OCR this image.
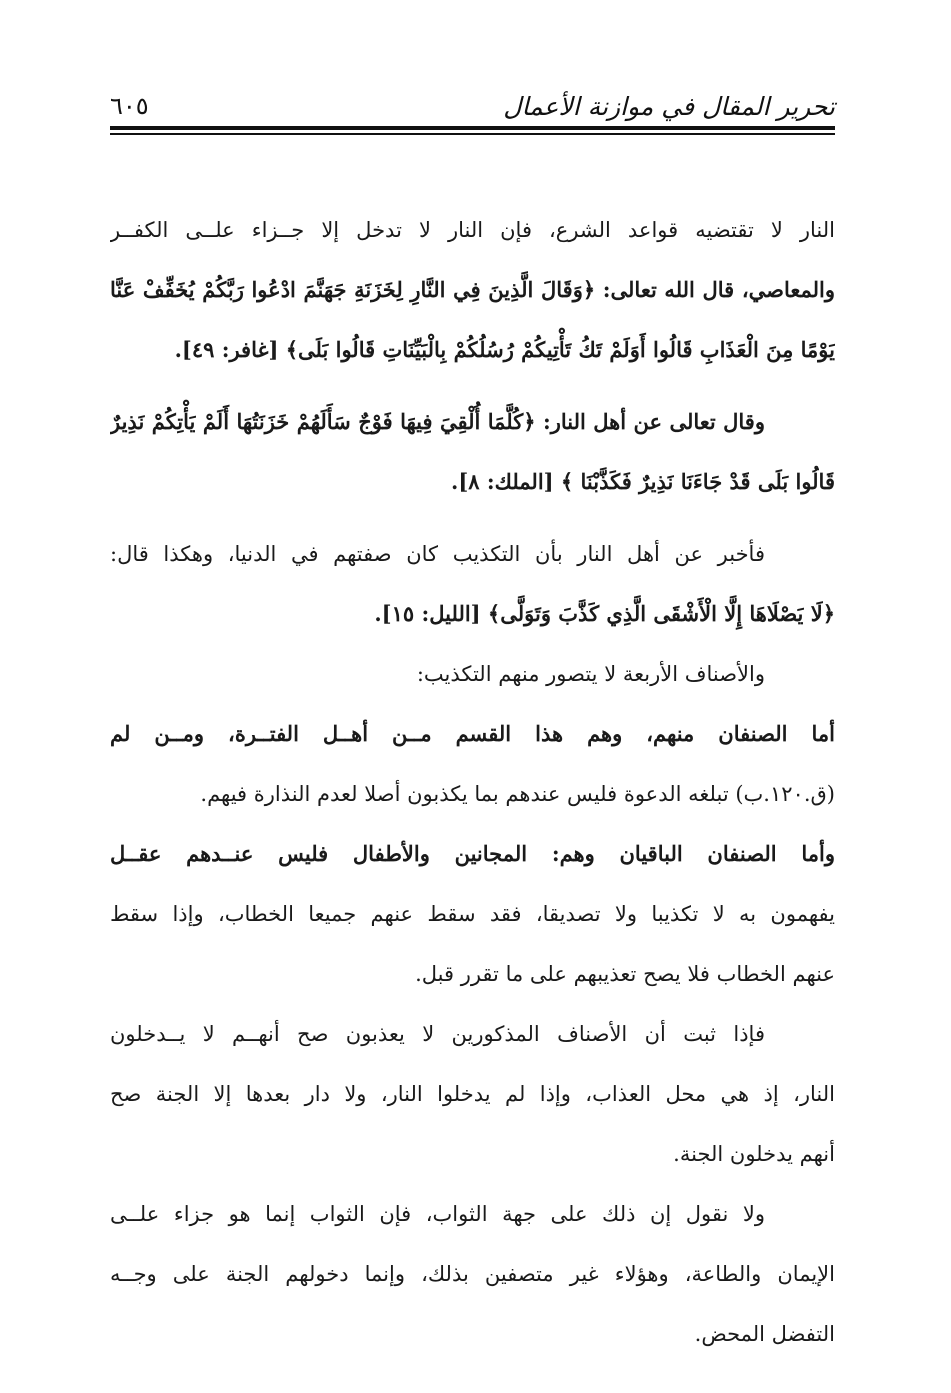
تحرير المقال في موازنة الأعمال
٦٠٥
النار لا تقتضيه قواعد الشرع، فإن النار لا تدخل إلا جــزاء علــى الكفــر
والمعاصي، قال الله تعالى: ﴿وَقَالَ الَّذِينَ فِي النَّارِ لِخَزَنَةِ جَهَنَّمَ ادْعُوا رَبَّكُمْ يُخَفِّفْ عَنَّا
يَوْمًا مِنَ الْعَذَابِ قَالُوا أَوَلَمْ تَكُ تَأْتِيكُمْ رُسُلُكُمْ بِالْبَيِّنَاتِ قَالُوا بَلَى﴾ [غافر: ٤٩].
وقال تعالى عن أهل النار: ﴿كُلَّمَا أُلْقِيَ فِيهَا فَوْجٌ سَأَلَهُمْ خَزَنَتُهَا أَلَمْ يَأْتِكُمْ نَذِيرٌ
قَالُوا بَلَى قَدْ جَاءَنَا نَذِيرٌ فَكَذَّبْنَا ﴾ [الملك: ٨].
فأخبر عن أهل النار بأن التكذيب كان صفتهم في الدنيا، وهكذا قال:
﴿لَا يَصْلَاهَا إِلَّا الْأَشْقَى الَّذِي كَذَّبَ وَتَوَلَّى﴾ [الليل: ١٥].
والأصناف الأربعة لا يتصور منهم التكذيب:
أما الصنفان منهم، وهم هذا القسم مــن أهــل الفتــرة، ومــن لم
(ق.١٢٠.ب) تبلغه الدعوة فليس عندهم بما يكذبون أصلا لعدم النذارة فيهم.
وأما الصنفان الباقيان وهم: المجانين والأطفال فليس عنــدهم عقــل
يفهمون به لا تكذيبا ولا تصديقا، فقد سقط عنهم جميعا الخطاب، وإذا سقط
عنهم الخطاب فلا يصح تعذيبهم على ما تقرر قبل.
فإذا ثبت أن الأصناف المذكورين لا يعذبون صح أنهــم لا يــدخلون
النار، إذ هي محل العذاب، وإذا لم يدخلوا النار، ولا دار بعدها إلا الجنة صح
أنهم يدخلون الجنة.
ولا نقول إن ذلك على جهة الثواب، فإن الثواب إنما هو جزاء علــى
الإيمان والطاعة، وهؤلاء غير متصفين بذلك، وإنما دخولهم الجنة على وجــه
التفضل المحض.
